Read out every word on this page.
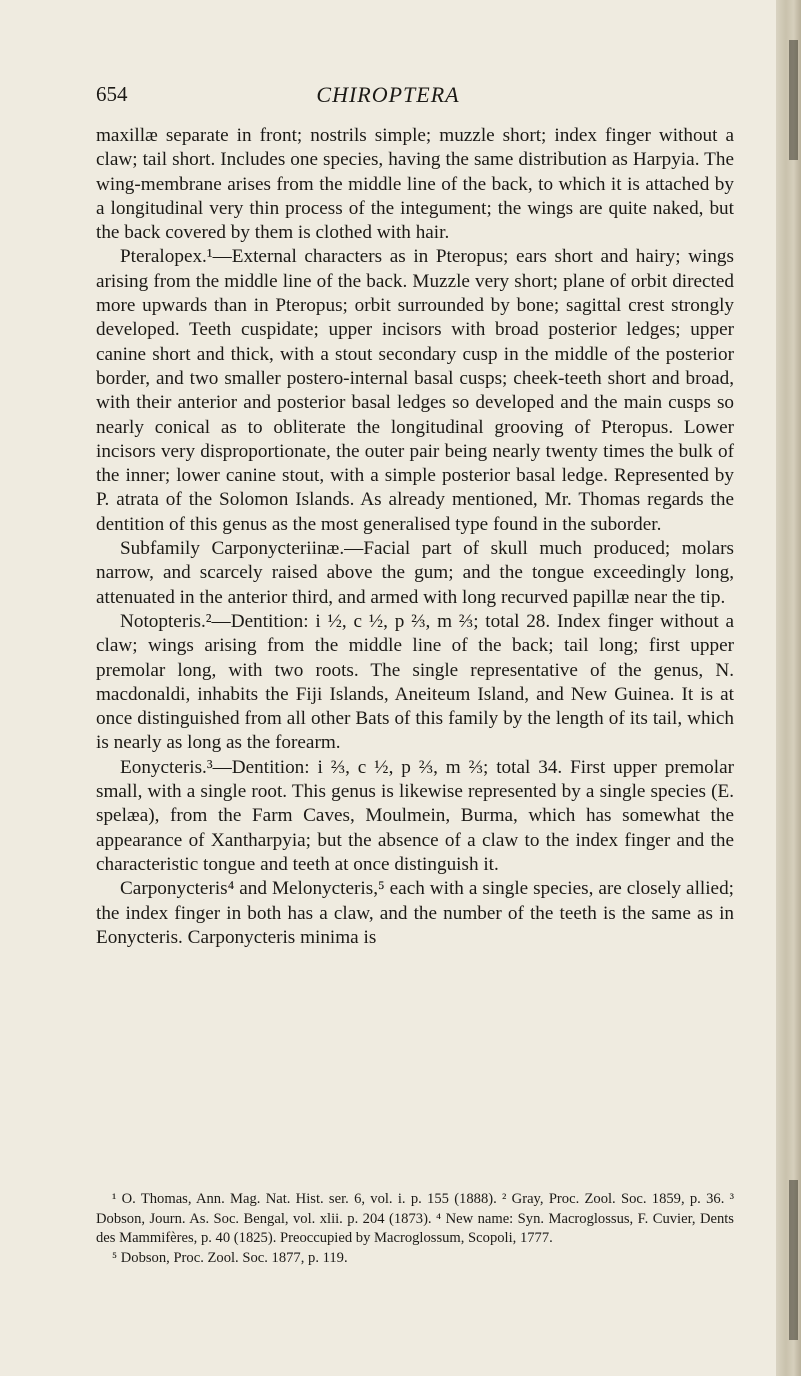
654	CHIROPTERA

maxillæ separate in front; nostrils simple; muzzle short; index finger without a claw; tail short. Includes one species, having the same distribution as Harpyia. The wing-membrane arises from the middle line of the back, to which it is attached by a longitudinal very thin process of the integument; the wings are quite naked, but the back covered by them is clothed with hair.

Pteralopex.¹—External characters as in Pteropus; ears short and hairy; wings arising from the middle line of the back. Muzzle very short; plane of orbit directed more upwards than in Pteropus; orbit surrounded by bone; sagittal crest strongly developed. Teeth cuspidate; upper incisors with broad posterior ledges; upper canine short and thick, with a stout secondary cusp in the middle of the posterior border, and two smaller postero-internal basal cusps; cheek-teeth short and broad, with their anterior and posterior basal ledges so developed and the main cusps so nearly conical as to obliterate the longitudinal grooving of Pteropus. Lower incisors very disproportionate, the outer pair being nearly twenty times the bulk of the inner; lower canine stout, with a simple posterior basal ledge. Represented by P. atrata of the Solomon Islands. As already mentioned, Mr. Thomas regards the dentition of this genus as the most generalised type found in the suborder.

Subfamily Carponycteriinæ.—Facial part of skull much produced; molars narrow, and scarcely raised above the gum; and the tongue exceedingly long, attenuated in the anterior third, and armed with long recurved papillæ near the tip.

Notopteris.²—Dentition: i ½, c ½, p ⅔, m ⅔; total 28. Index finger without a claw; wings arising from the middle line of the back; tail long; first upper premolar long, with two roots. The single representative of the genus, N. macdonaldi, inhabits the Fiji Islands, Aneiteum Island, and New Guinea. It is at once distinguished from all other Bats of this family by the length of its tail, which is nearly as long as the forearm.

Eonycteris.³—Dentition: i ⅔, c ½, p ⅔, m ⅔; total 34. First upper premolar small, with a single root. This genus is likewise represented by a single species (E. spelæa), from the Farm Caves, Moulmein, Burma, which has somewhat the appearance of Xantharpyia; but the absence of a claw to the index finger and the characteristic tongue and teeth at once distinguish it.

Carponycteris⁴ and Melonycteris,⁵ each with a single species, are closely allied; the index finger in both has a claw, and the number of the teeth is the same as in Eonycteris. Carponycteris minima is

¹ O. Thomas, Ann. Mag. Nat. Hist. ser. 6, vol. i. p. 155 (1888). ² Gray, Proc. Zool. Soc. 1859, p. 36. ³ Dobson, Journ. As. Soc. Bengal, vol. xlii. p. 204 (1873). ⁴ New name: Syn. Macroglossus, F. Cuvier, Dents des Mammifères, p. 40 (1825). Preoccupied by Macroglossum, Scopoli, 1777.

⁵ Dobson, Proc. Zool. Soc. 1877, p. 119.
